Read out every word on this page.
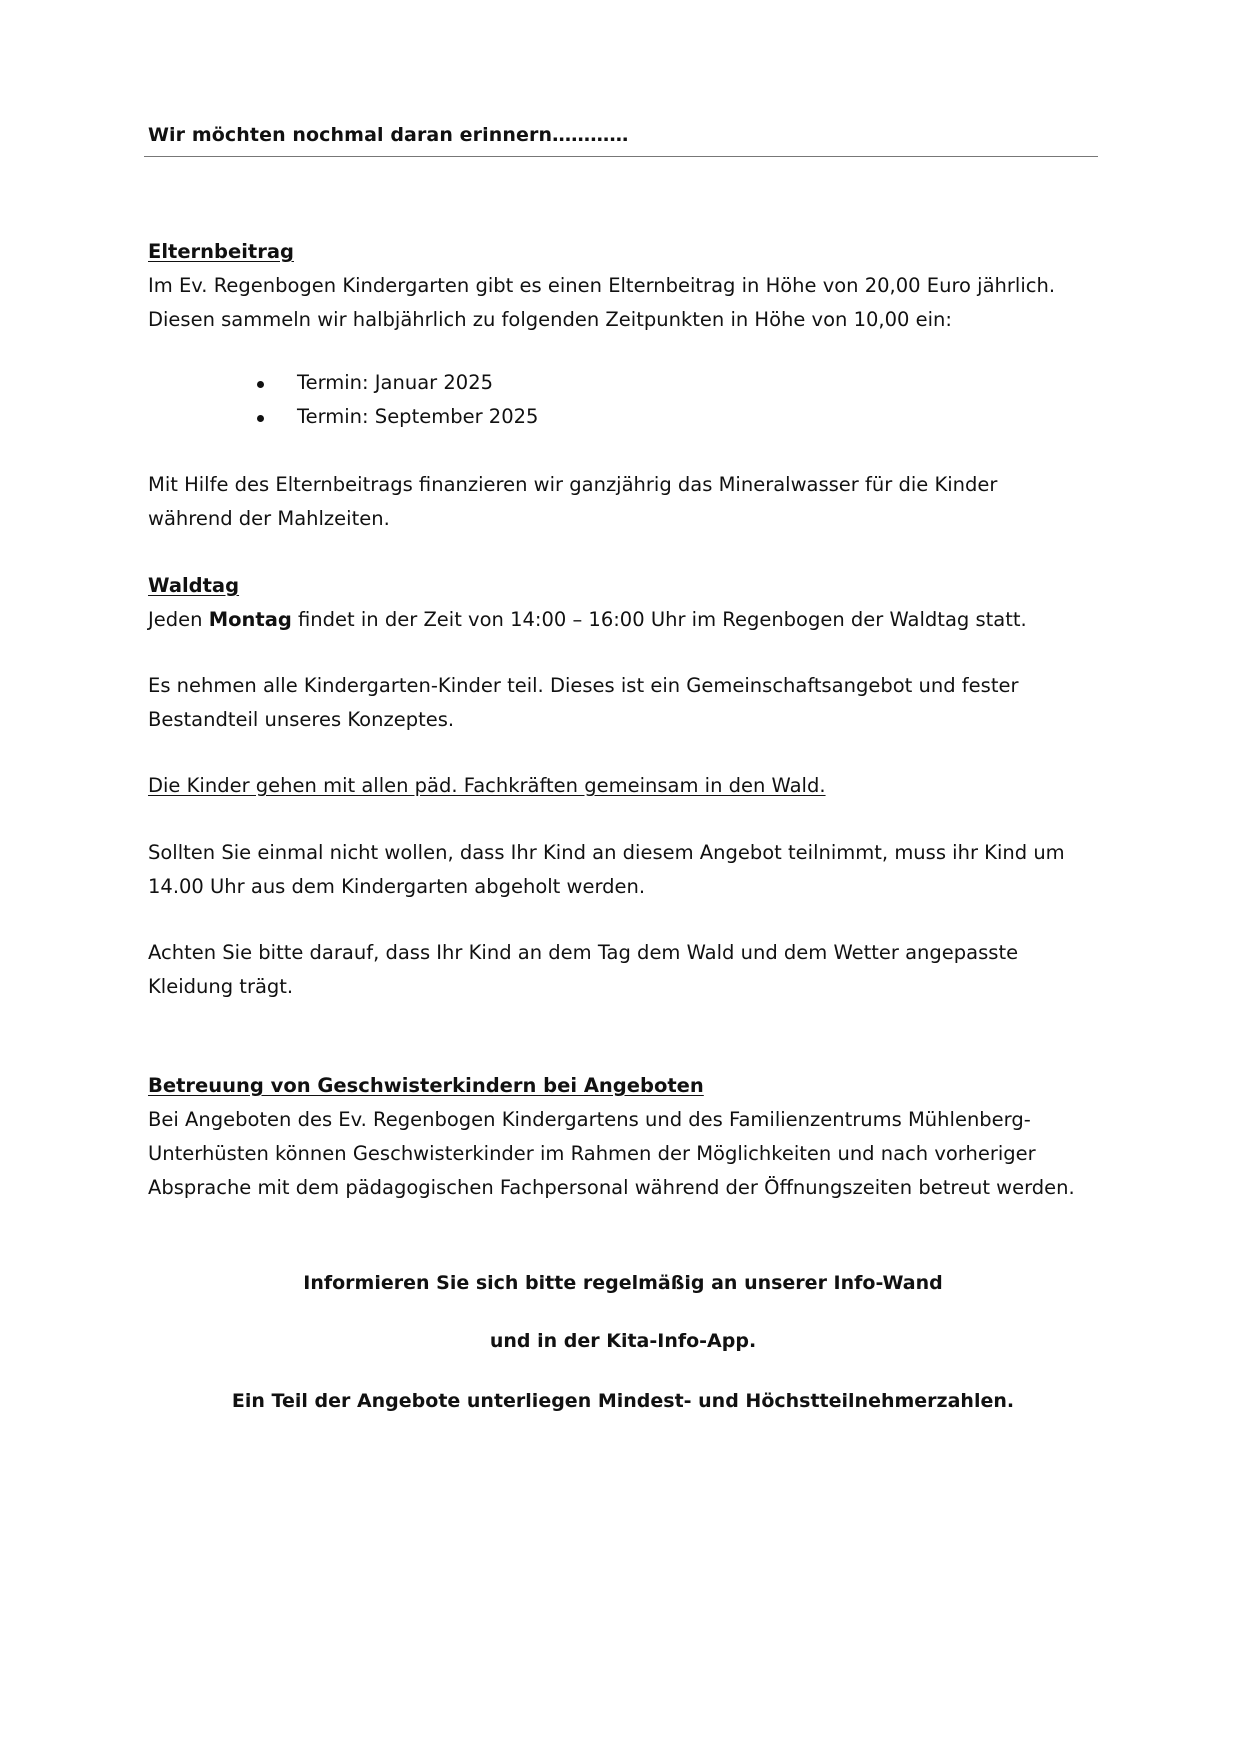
Wir möchten nochmal daran erinnern…………
Elternbeitrag
Im Ev. Regenbogen Kindergarten gibt es einen Elternbeitrag in Höhe von 20,00 Euro jährlich.
Diesen sammeln wir halbjährlich zu folgenden Zeitpunkten in Höhe von 10,00 ein:
Termin: Januar 2025
Termin: September 2025
Mit Hilfe des Elternbeitrags finanzieren wir ganzjährig das Mineralwasser für die Kinder
während der Mahlzeiten.
Waldtag
Jeden Montag findet in der Zeit von 14:00 – 16:00 Uhr im Regenbogen der Waldtag statt.
Es nehmen alle Kindergarten-Kinder teil. Dieses ist ein Gemeinschaftsangebot und fester
Bestandteil unseres Konzeptes.
Die Kinder gehen mit allen päd. Fachkräften gemeinsam in den Wald.
Sollten Sie einmal nicht wollen, dass Ihr Kind an diesem Angebot teilnimmt, muss ihr Kind um
14.00 Uhr aus dem Kindergarten abgeholt werden.
Achten Sie bitte darauf, dass Ihr Kind an dem Tag dem Wald und dem Wetter angepasste
Kleidung trägt.
Betreuung von Geschwisterkindern bei Angeboten
Bei Angeboten des Ev. Regenbogen Kindergartens und des Familienzentrums Mühlenberg-
Unterhüsten können Geschwisterkinder im Rahmen der Möglichkeiten und nach vorheriger
Absprache mit dem pädagogischen Fachpersonal während der Öffnungszeiten betreut werden.
Informieren Sie sich bitte regelmäßig an unserer Info-Wand
und in der Kita-Info-App.
Ein Teil der Angebote unterliegen Mindest- und Höchstteilnehmerzahlen.
